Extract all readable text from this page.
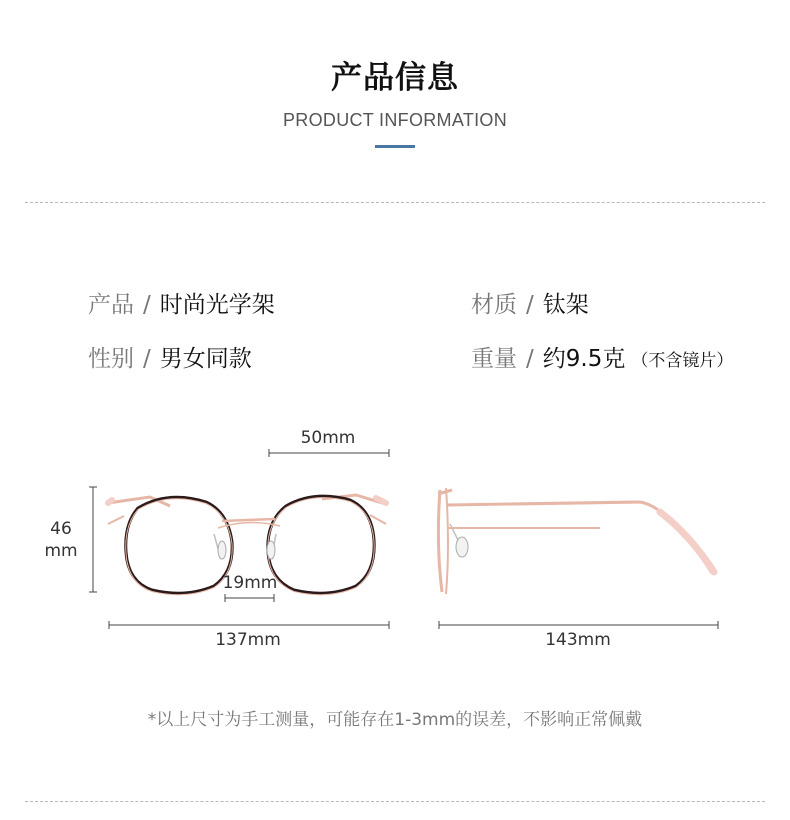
产品信息
PRODUCT INFORMATION
产品 / 时尚光学架	材质 / 钛架
性别 / 男女同款	重量 / 约9.5克 （不含镜片）
50mm
46
mm
19mm
137mm	143mm
*以上尺寸为手工测量，可能存在1-3mm的误差，不影响正常佩戴
